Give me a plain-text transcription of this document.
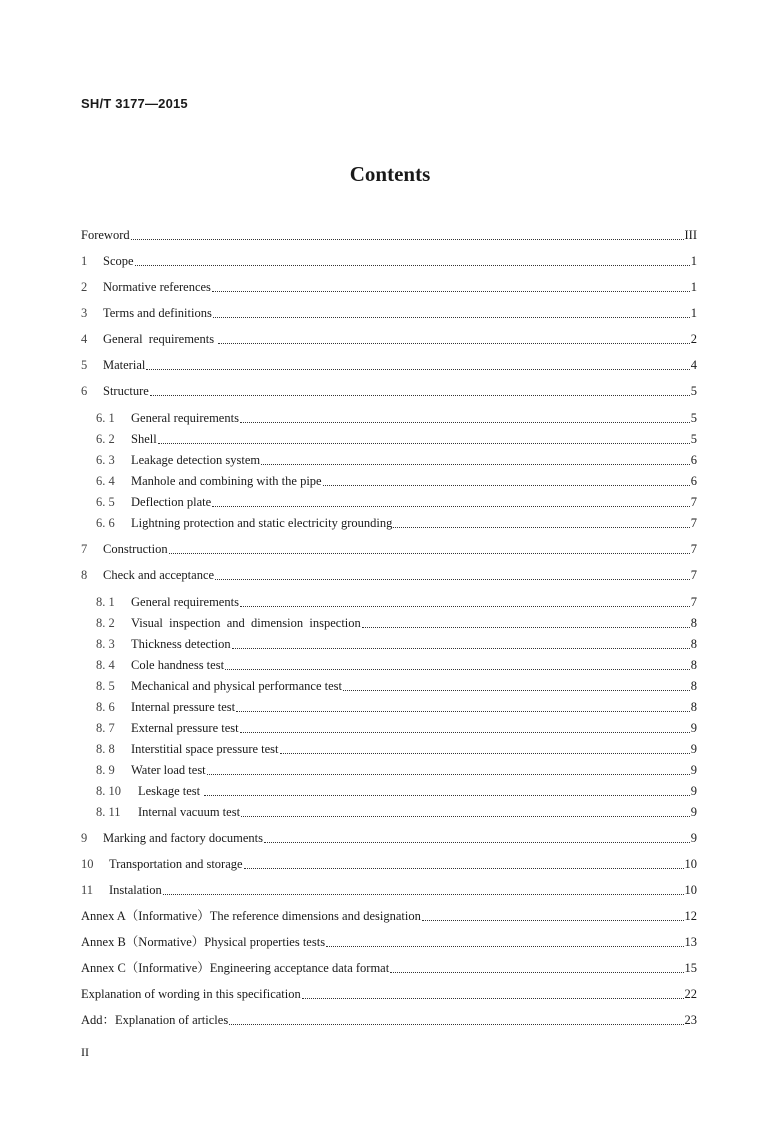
SH/T 3177—2015
Contents
Foreword	III
1	Scope	1
2	Normative references	1
3	Terms and definitions	1
4	General  requirements	2
5	Material	4
6	Structure	5
6. 1	General requirements	5
6. 2	Shell	5
6. 3	Leakage detection system	6
6. 4	Manhole and combining with the pipe	6
6. 5	Deflection plate	7
6. 6	Lightning protection and static electricity grounding	7
7	Construction	7
8	Check and acceptance	7
8. 1	General requirements	7
8. 2	Visual  inspection  and  dimension  inspection	8
8. 3	Thickness detection	8
8. 4	Cole handness test	8
8. 5	Mechanical and physical performance test	8
8. 6	Internal pressure test	8
8. 7	External pressure test	9
8. 8	Interstitial space pressure test	9
8. 9	Water load test	9
8. 10	Leskage test	9
8. 11	Internal vacuum test	9
9	Marking and factory documents	9
10	Transportation and storage	10
11	Instalation	10
Annex A（Informative）The reference dimensions and designation	12
Annex B（Normative）Physical properties tests	13
Annex C（Informative）Engineering acceptance data format	15
Explanation of wording in this specification	22
Add：Explanation of articles	23
II
